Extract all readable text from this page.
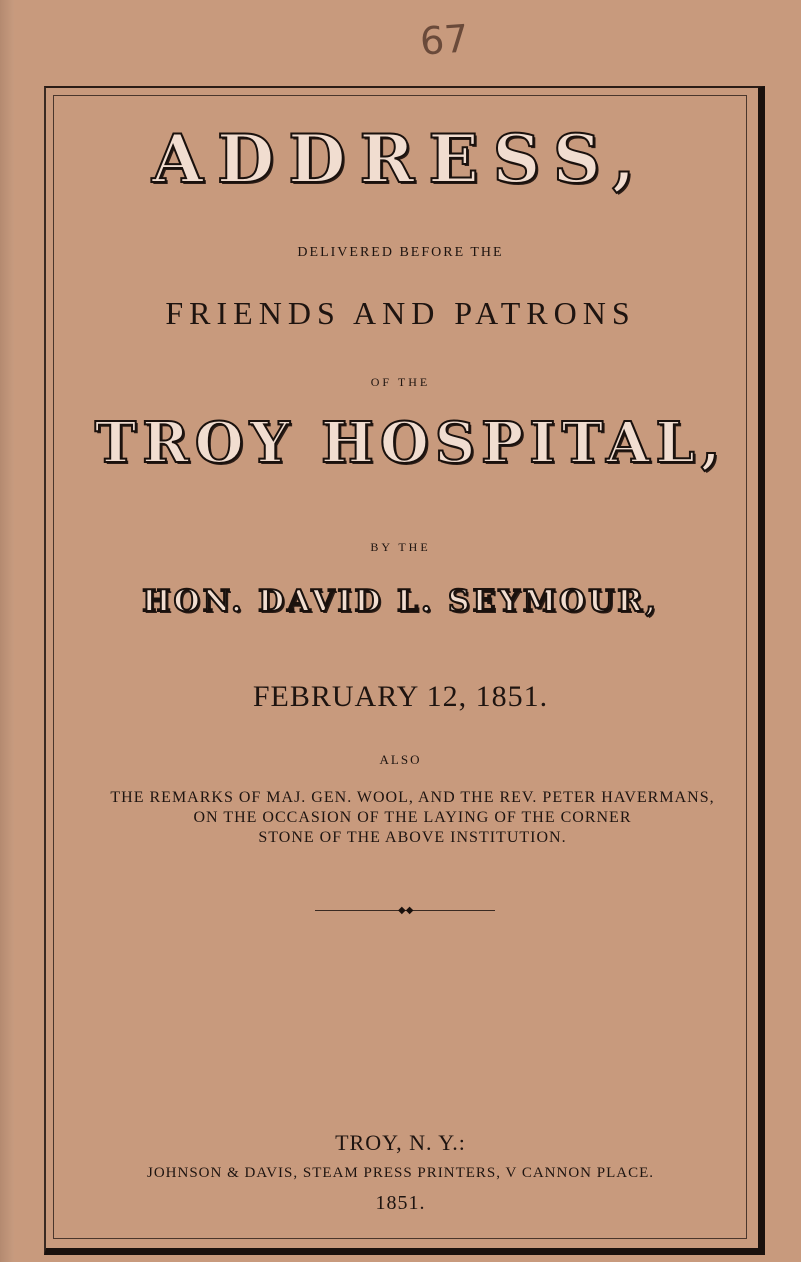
67
ADDRESS,
DELIVERED BEFORE THE
FRIENDS AND PATRONS
OF THE
TROY HOSPITAL,
BY THE
HON. DAVID L. SEYMOUR,
FEBRUARY 12, 1851.
ALSO
THE REMARKS OF MAJ. GEN. WOOL, AND THE REV. PETER HAVERMANS,
ON THE OCCASION OF THE LAYING OF THE CORNER
STONE OF THE ABOVE INSTITUTION.
◆◆
TROY, N. Y.:
JOHNSON & DAVIS, STEAM PRESS PRINTERS, V CANNON PLACE.
1851.
